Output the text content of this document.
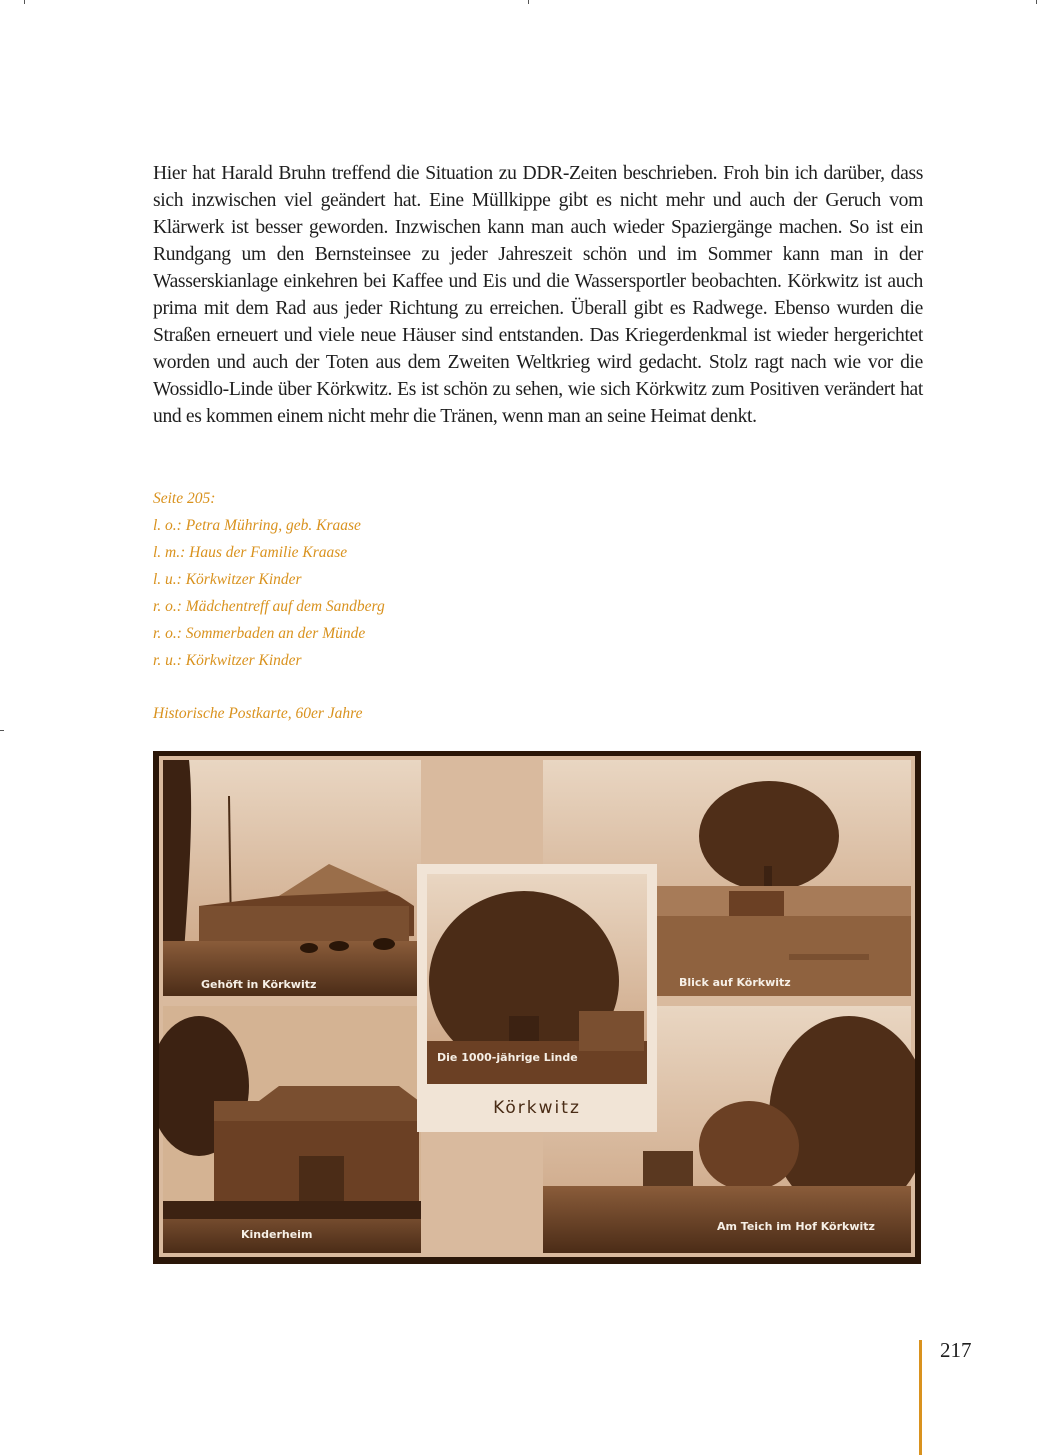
Hier hat Harald Bruhn treffend die Situation zu DDR-Zeiten beschrieben. Froh bin ich darüber, dass sich inzwischen viel geändert hat. Eine Müllkippe gibt es nicht mehr und auch der Geruch vom Klärwerk ist besser geworden. Inzwischen kann man auch wieder Spaziergänge machen. So ist ein Rundgang um den Bernsteinsee zu jeder Jahreszeit schön und im Sommer kann man in der Wasserskianlage einkehren bei Kaffee und Eis und die Wassersportler beobachten. Körkwitz ist auch prima mit dem Rad aus jeder Richtung zu erreichen. Überall gibt es Radwege. Ebenso wurden die Straßen erneuert und viele neue Häuser sind entstanden. Das Kriegerdenkmal ist wieder hergerichtet worden und auch der Toten aus dem Zweiten Weltkrieg wird gedacht. Stolz ragt nach wie vor die Wossidlo-Linde über Körkwitz. Es ist schön zu sehen, wie sich Körkwitz zum Positiven verändert hat und es kommen einem nicht mehr die Tränen, wenn man an seine Heimat denkt.

Seite 205:
l. o.: Petra Mühring, geb. Kraase
l. m.: Haus der Familie Kraase
l. u.: Körkwitzer Kinder
r. o.: Mädchentreff auf dem Sandberg
r. o.: Sommerbaden an der Münde
r. u.: Körkwitzer Kinder
Historische Postkarte, 60er Jahre
Gehöft in Körkwitz	Blick auf Körkwitz
Kinderheim
Am Teich im Hof Körkwitz
Die 1000-jährige Linde
Körkwitz
217
